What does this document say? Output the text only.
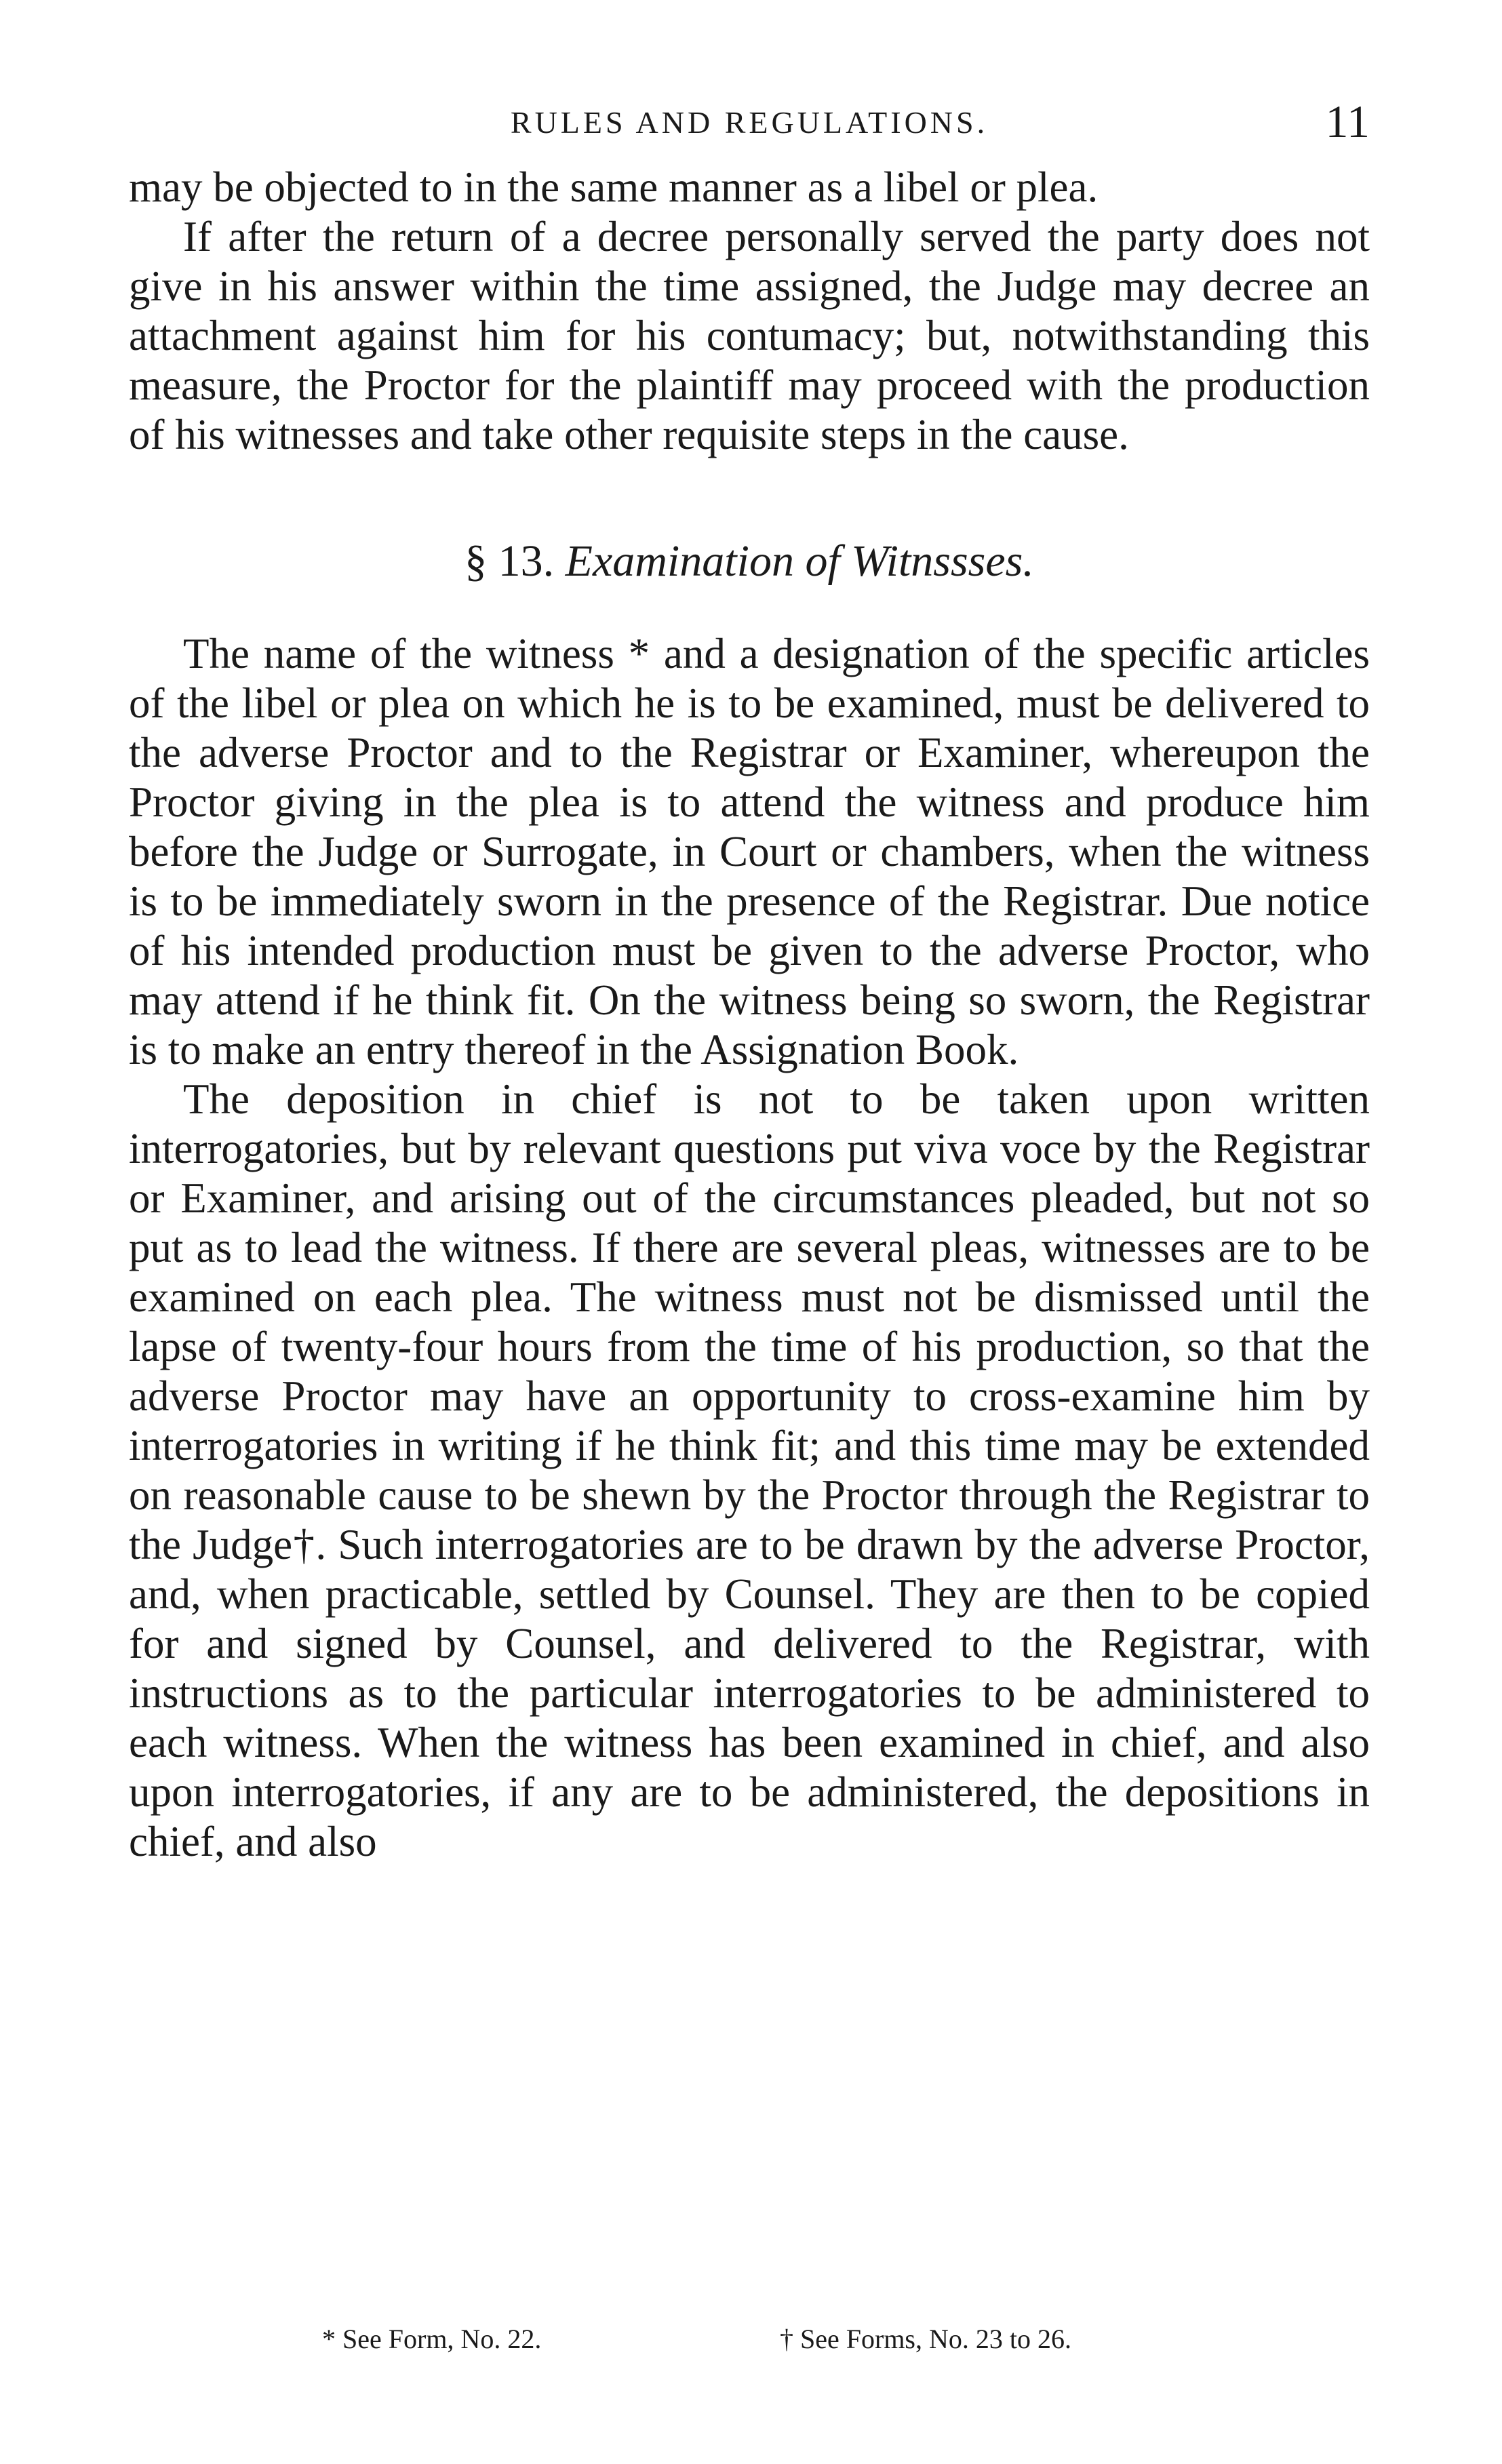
RULES AND REGULATIONS.	11

may be objected to in the same manner as a libel or plea.

If after the return of a decree personally served the party does not give in his answer within the time assigned, the Judge may decree an attachment against him for his contumacy; but, notwithstanding this measure, the Proctor for the plaintiff may proceed with the production of his witnesses and take other requisite steps in the cause.

§ 13. Examination of Witnssses.

The name of the witness * and a designation of the specific articles of the libel or plea on which he is to be examined, must be delivered to the adverse Proctor and to the Registrar or Examiner, whereupon the Proctor giving in the plea is to attend the witness and produce him before the Judge or Surrogate, in Court or chambers, when the witness is to be immediately sworn in the presence of the Registrar. Due notice of his intended production must be given to the adverse Proctor, who may attend if he think fit. On the witness being so sworn, the Registrar is to make an entry thereof in the Assignation Book.

The deposition in chief is not to be taken upon written interrogatories, but by relevant questions put viva voce by the Registrar or Examiner, and arising out of the circumstances pleaded, but not so put as to lead the witness. If there are several pleas, witnesses are to be examined on each plea. The witness must not be dismissed until the lapse of twenty-four hours from the time of his production, so that the adverse Proctor may have an opportunity to cross-examine him by interrogatories in writing if he think fit; and this time may be extended on reasonable cause to be shewn by the Proctor through the Registrar to the Judge†. Such interrogatories are to be drawn by the adverse Proctor, and, when practicable, settled by Counsel. They are then to be copied for and signed by Counsel, and delivered to the Registrar, with instructions as to the particular interrogatories to be administered to each witness. When the witness has been examined in chief, and also upon interrogatories, if any are to be administered, the depositions in chief, and also

* See Form, No. 22.	† See Forms, No. 23 to 26.
